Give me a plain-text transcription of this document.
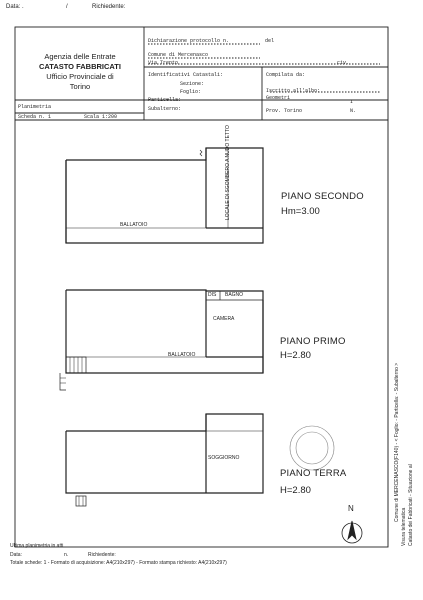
Data: .	/	Richiedente:
Agenzia delle Entrate
CATASTO FABBRICATI
Ufficio Provinciale di
Torino
Planimetria
Scheda n. 1	Scala 1:200
Dichiarazione protocollo n.	del
Comune di Mercenasco
Via Trento	civ.
Identificativi Catastali:
Sezione:
Foglio:
Particella:
Subalterno:
Compilata da:
Iscritto all'albo:
I
Geometri
Prov. Torino	N.
LOCALE DI SGOMBERO A NUDO TETTO
BALLATOIO
PIANO SECONDO
Hm=3.00
BAGNO
DIS
CAMERA
BALLATOIO
PIANO PRIMO
H=2.80
SOGGIORNO
PIANO TERRA
H=2.80
N
Ultima planimetria in atti
Data:	n.	Richiedente:
Totale schede: 1 - Formato di acquisizione: A4(210x297) - Formato stampa richiesto: A4(210x297)
Comune di MERCENASCO(F140) - < Foglio: - Particella: - Subalterno >
Visura telematica Catasto dei Fabbricati - Situazione al
